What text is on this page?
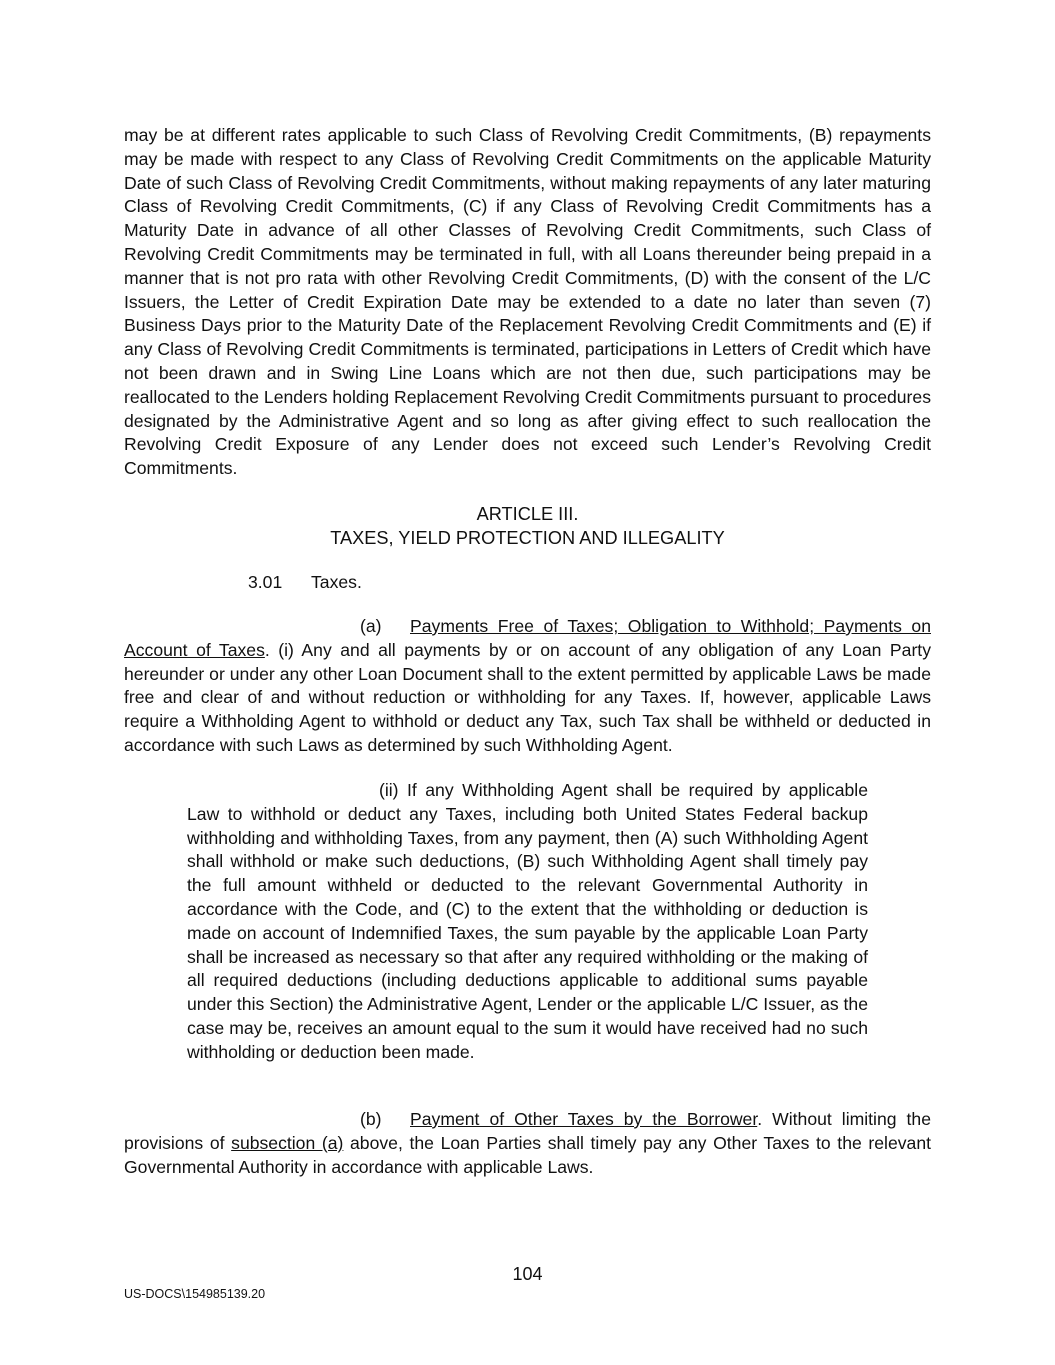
may be at different rates applicable to such Class of Revolving Credit Commitments, (B) repayments may be made with respect to any Class of Revolving Credit Commitments on the applicable Maturity Date of such Class of Revolving Credit Commitments, without making repayments of any later maturing Class of Revolving Credit Commitments, (C) if any Class of Revolving Credit Commitments has a Maturity Date in advance of all other Classes of Revolving Credit Commitments, such Class of Revolving Credit Commitments may be terminated in full, with all Loans thereunder being prepaid in a manner that is not pro rata with other Revolving Credit Commitments, (D) with the consent of the L/C Issuers, the Letter of Credit Expiration Date may be extended to a date no later than seven (7) Business Days prior to the Maturity Date of the Replacement Revolving Credit Commitments and (E) if any Class of Revolving Credit Commitments is terminated, participations in Letters of Credit which have not been drawn and in Swing Line Loans which are not then due, such participations may be reallocated to the Lenders holding Replacement Revolving Credit Commitments pursuant to procedures designated by the Administrative Agent and so long as after giving effect to such reallocation the Revolving Credit Exposure of any Lender does not exceed such Lender’s Revolving Credit Commitments.

ARTICLE III.

TAXES, YIELD PROTECTION AND ILLEGALITY

3.01 Taxes.

(a) Payments Free of Taxes; Obligation to Withhold; Payments on Account of Taxes. (i) Any and all payments by or on account of any obligation of any Loan Party hereunder or under any other Loan Document shall to the extent permitted by applicable Laws be made free and clear of and without reduction or withholding for any Taxes. If, however, applicable Laws require a Withholding Agent to withhold or deduct any Tax, such Tax shall be withheld or deducted in accordance with such Laws as determined by such Withholding Agent.

(ii) If any Withholding Agent shall be required by applicable Law to withhold or deduct any Taxes, including both United States Federal backup withholding and withholding Taxes, from any payment, then (A) such Withholding Agent shall withhold or make such deductions, (B) such Withholding Agent shall timely pay the full amount withheld or deducted to the relevant Governmental Authority in accordance with the Code, and (C) to the extent that the withholding or deduction is made on account of Indemnified Taxes, the sum payable by the applicable Loan Party shall be increased as necessary so that after any required withholding or the making of all required deductions (including deductions applicable to additional sums payable under this Section) the Administrative Agent, Lender or the applicable L/C Issuer, as the case may be, receives an amount equal to the sum it would have received had no such withholding or deduction been made.

(b) Payment of Other Taxes by the Borrower. Without limiting the provisions of subsection (a) above, the Loan Parties shall timely pay any Other Taxes to the relevant Governmental Authority in accordance with applicable Laws.

104

US-DOCS\154985139.20
